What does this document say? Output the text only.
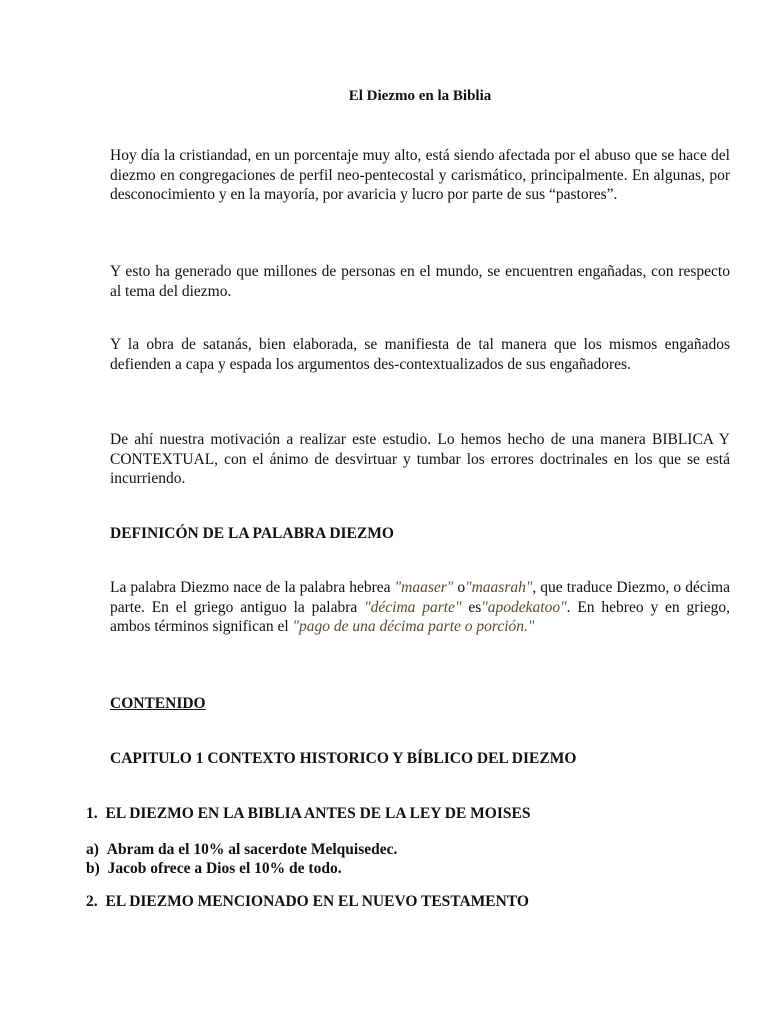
El Diezmo en la Biblia

Hoy día la cristiandad, en un porcentaje muy alto, está siendo afectada por el abuso que se hace del diezmo en congregaciones de perfil neo-pentecostal y carismático, principalmente. En algunas, por desconocimiento y en la mayoría, por avaricia y lucro por parte de sus “pastores”.

Y esto ha generado que millones de personas en el mundo, se encuentren engañadas, con respecto al tema del diezmo.

Y la obra de satanás, bien elaborada, se manifiesta de tal manera que los mismos engañados defienden a capa y espada los argumentos des-contextualizados de sus engañadores.

De ahí nuestra motivación a realizar este estudio. Lo hemos hecho de una manera BIBLICA Y CONTEXTUAL, con el ánimo de desvirtuar y tumbar los errores doctrinales en los que se está incurriendo.

DEFINICÓN DE LA PALABRA DIEZMO

La palabra Diezmo nace de la palabra hebrea "maaser" o"maasrah", que traduce Diezmo, o décima parte. En el griego antiguo la palabra "décima parte" es"apodekatoo". En hebreo y en griego, ambos términos significan el "pago de una décima parte o porción."

CONTENIDO

CAPITULO 1 CONTEXTO HISTORICO Y BÍBLICO DEL DIEZMO

1. EL DIEZMO EN LA BIBLIA ANTES DE LA LEY DE MOISES
a) Abram da el 10% al sacerdote Melquisedec.
b) Jacob ofrece a Dios el 10% de todo.
2. EL DIEZMO MENCIONADO EN EL NUEVO TESTAMENTO
